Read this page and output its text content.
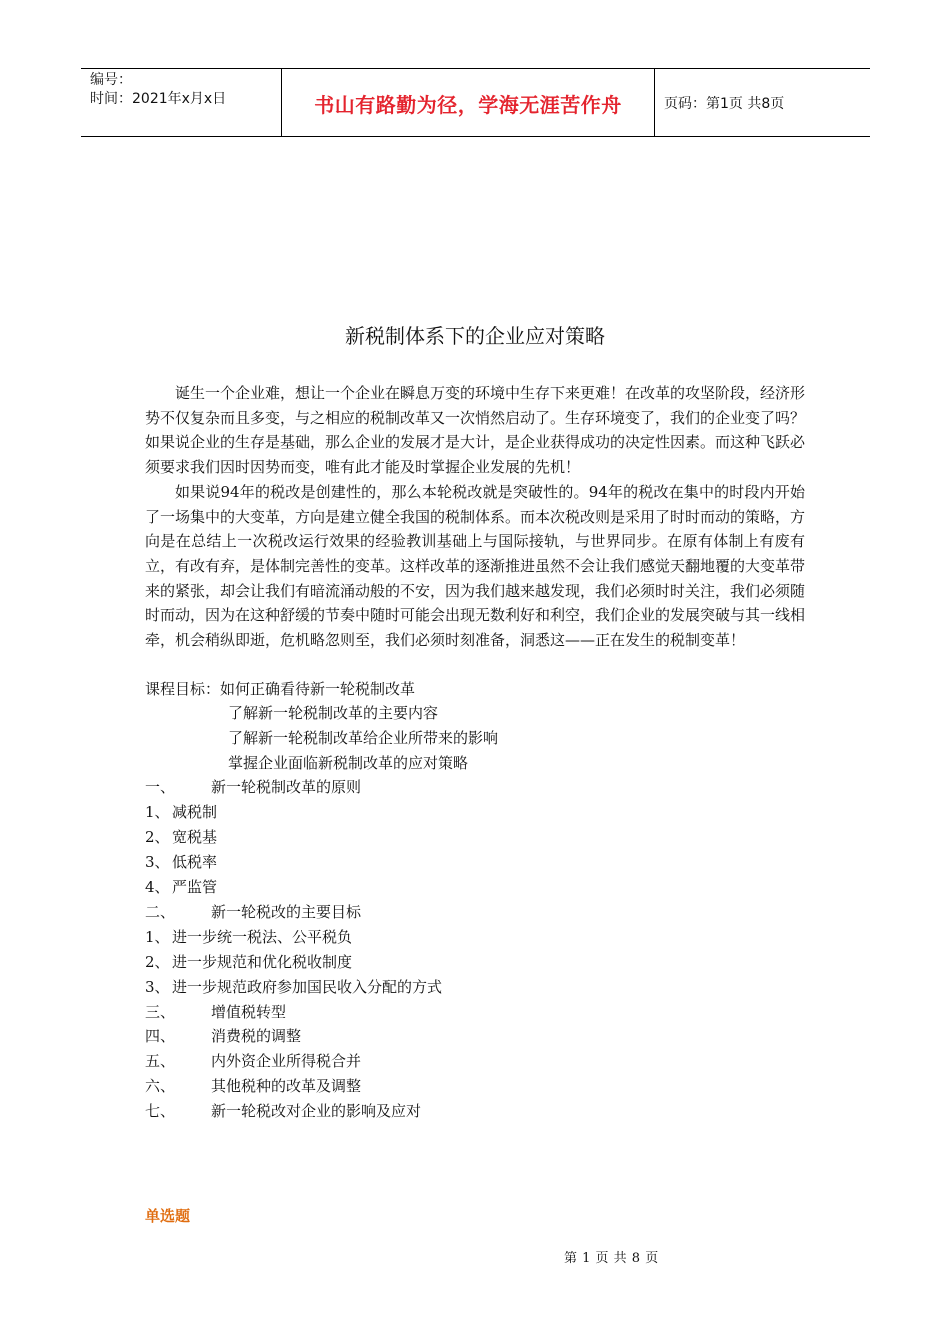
编号：
时间：2021年x月x日	书山有路勤为径，学海无涯苦作舟	页码：第1页 共8页
新税制体系下的企业应对策略

诞生一个企业难，想让一个企业在瞬息万变的环境中生存下来更难！在改革的攻坚阶段，经济形势不仅复杂而且多变，与之相应的税制改革又一次悄然启动了。生存环境变了，我们的企业变了吗？如果说企业的生存是基础，那么企业的发展才是大计，是企业获得成功的决定性因素。而这种飞跃必须要求我们因时因势而变，唯有此才能及时掌握企业发展的先机！

如果说94年的税改是创建性的，那么本轮税改就是突破性的。94年的税改在集中的时段内开始了一场集中的大变革，方向是建立健全我国的税制体系。而本次税改则是采用了时时而动的策略，方向是在总结上一次税改运行效果的经验教训基础上与国际接轨，与世界同步。在原有体制上有废有立，有改有弃，是体制完善性的变革。这样改革的逐渐推进虽然不会让我们感觉天翻地覆的大变革带来的紧张，却会让我们有暗流涌动般的不安，因为我们越来越发现，我们必须时时关注，我们必须随时而动，因为在这种舒缓的节奏中随时可能会出现无数利好和利空，我们企业的发展突破与其一线相牵，机会稍纵即逝，危机略忽则至，我们必须时刻准备，洞悉这——正在发生的税制变革！

课程目标：如何正确看待新一轮税制改革
了解新一轮税制改革的主要内容
了解新一轮税制改革给企业所带来的影响
掌握企业面临新税制改革的应对策略
一、 新一轮税制改革的原则
1、 减税制
2、 宽税基
3、 低税率
4、 严监管
二、 新一轮税改的主要目标
1、 进一步统一税法、公平税负
2、 进一步规范和优化税收制度
3、 进一步规范政府参加国民收入分配的方式
三、 增值税转型
四、 消费税的调整
五、 内外资企业所得税合并
六、 其他税种的改革及调整
七、 新一轮税改对企业的影响及应对
单选题
第 1 页 共 8 页
